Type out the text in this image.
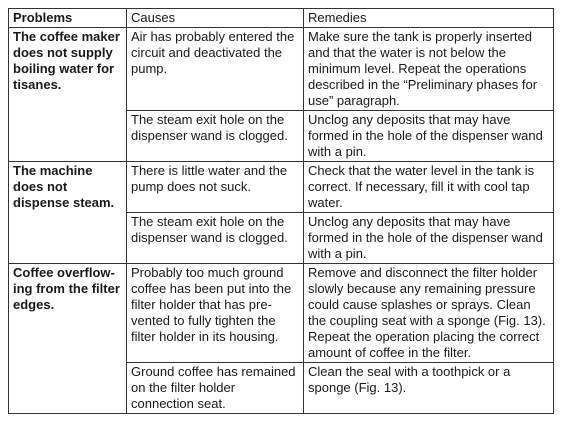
Problems	Causes	Remedies
The coffee maker does not supply boiling water for tisanes.	Air has probably entered the circuit and deactivated the pump.	Make sure the tank is properly inserted and that the water is not below the minimum level. Repeat the operations described in the “Preliminary phases for use” paragraph.
	The steam exit hole on the dispenser wand is clogged.	Unclog any deposits that may have formed in the hole of the dispenser wand with a pin.
The machine does not dispense steam.	There is little water and the pump does not suck.	Check that the water level in the tank is correct. If necessary, fill it with cool tap water.
	The steam exit hole on the dispenser wand is clogged.	Unclog any deposits that may have formed in the hole of the dispenser wand with a pin.
Coffee overflow-ing from the filter edges.	Probably too much ground coffee has been put into the filter holder that has pre-vented to fully tighten the filter holder in its housing.	Remove and disconnect the filter holder slowly because any remaining pressure could cause splashes or sprays. Clean the coupling seat with a sponge (Fig. 13). Repeat the operation placing the correct amount of coffee in the filter.
	Ground coffee has remained on the filter holder connection seat.	Clean the seal with a toothpick or a sponge (Fig. 13).
